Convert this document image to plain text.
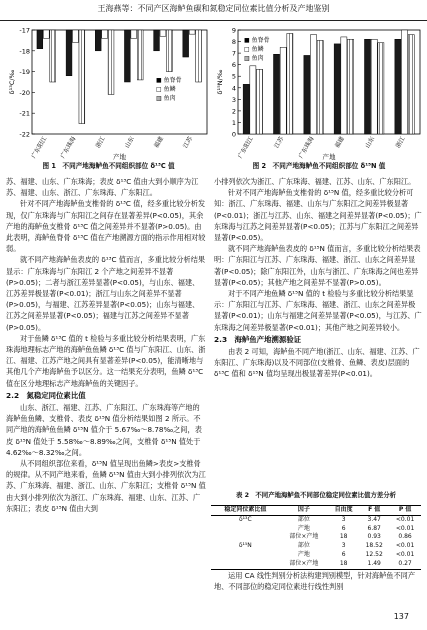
王海燕等：不同产区海鲈鱼碳和氮稳定同位素比值分析及产地鉴别
-17
-18
-19
-20
-21
-22
δ¹³C/‰
广东阳江 广东珠海	浙江	山东	福建	江苏
产地
■ 鱼脊骨
□ 鱼鳞
▥ 鱼肉
图 1　不同产地海鲈鱼不同组织部位 δ¹³C 值
0
1
2
3
4
5
6
7
8
9
δ¹⁵N/‰
广东阳江	江苏 广东珠海	福建	山东	浙江
产地
■ 鱼脊骨
□ 鱼鳞
▥ 鱼肉
图 2　不同产地海鲈鱼不同组织部位 δ¹⁵N 值

苏、福建、山东、广东珠海；表皮 δ¹³C 值由大到小顺序为江苏、福建、山东、浙江、广东珠海、广东阳江。

针对不同产地海鲈鱼支椎骨的 δ¹³C 值，经多重比较分析发现，仅广东珠海与广东阳江之间存在显著差异(P<0.05)，其余产地的海鲈鱼支椎骨 δ¹³C 值之间差异并不显著(P>0.05)。由此表明，海鲈鱼脊骨 δ¹³C 值在产地溯源方面的指示作用相对较弱。

就不同产地海鲈鱼表皮的 δ¹³C 值而言，多重比较分析结果显示：广东珠海与广东阳江 2 个产地之间差异不显著(P>0.05)；二者与浙江差异显著(P<0.05)，与山东、福建、江苏差异极显著(P<0.01)；浙江与山东之间差异不显著(P>0.05)，与福建、江苏差异显著(P<0.05)；山东与福建、江苏之间差异显著(P<0.05)；福建与江苏之间差异不显著(P>0.05)。

对于鱼鳞 δ¹³C 值的 t 检验与多重比较分析结果表明，广东珠海地理标志产地的海鲈鱼鱼鳞 δ¹³C 值与广东阳江、山东、浙江、福建、江苏产地之间具有显著差异(P<0.05)，能清晰地与其他几个产地海鲈鱼予以区分。这一结果充分表明，鱼鳞 δ¹³C 值在区分地理标志产地海鲈鱼的关键因子。

2.2　氮稳定同位素比值

山东、浙江、福建、江苏、广东阳江、广东珠海等产地的海鲈鱼鱼鳞、支椎骨、表皮 δ¹⁵N 值分析结果如图 2 所示。不同产地的海鲈鱼鱼鳞 δ¹⁵N 值介于 5.67‰～8.78‰之间，表皮 δ¹⁵N 值处于 5.58‰～8.89‰之间，支椎骨 δ¹⁵N 值处于 4.62‰～8.32‰之间。

从不同组织部位来看，δ¹⁵N 值呈现出鱼鳞>表皮>支椎骨的规律。从不同产地来看，鱼鳞 δ¹⁵N 值由大到小排列依次为江苏、广东珠海、福建、浙江、山东、广东阳江；支椎骨 δ¹⁵N 值由大到小排列依次为浙江、广东珠海、福建、山东、江苏、广东阳江；表皮 δ¹⁵N 值由大到

小排列依次为浙江、广东珠海、福建、江苏、山东、广东阳江。

针对不同产地海鲈鱼支椎骨的 δ¹⁵N 值，经多重比较分析可知：浙江、广东珠海、福建、山东与广东阳江之间差异极显著(P<0.01)；浙江与江苏、山东、福建之间差异显著(P<0.05)；广东珠海与江苏之间差异显著(P<0.05)；江苏与广东阳江之间差异显著(P<0.05)。

就不同产地海鲈鱼表皮的 δ¹⁵N 值而言，多重比较分析结果表明：广东阳江与江苏、广东珠海、福建、浙江、山东之间差异显著(P<0.05)；除广东阳江外，山东与浙江、广东珠海之间也差异显著(P<0.05)；其他产地之间差异不显著(P>0.05)。

对于不同产地鱼鳞 δ¹⁵N 值的 t 检验与多重比较分析结果显示：广东阳江与江苏、广东珠海、福建、浙江、山东之间差异极显著(P<0.01)；山东与福建之间差异显著(P<0.05)，与江苏、广东珠海之间差异极显著(P<0.01)；其他产地之间差异较小。

2.3　海鲈鱼产地溯源验证

由表 2 可知，海鲈鱼不同产地(浙江、山东、福建、江苏、广东阳江、广东珠海)以及不同部位(支椎骨、鱼鳞、表皮)层面的 δ¹³C 值和 δ¹⁵N 值均呈现出极显著差异(P<0.01)。

表 2　不同产地海鲈鱼不同部位稳定同位素比值方差分析
稳定同位素比值	因子	自由度	F 值	P 值
δ¹³C	部位	3	3.47	<0.01
	产地	6	6.87	<0.01
	部位×产地	18	0.93	0.86
δ¹⁵N	部位	3	18.52	<0.01
	产地	6	12.52	<0.01
	部位×产地	18	1.49	0.27

运用 CA 线性判别分析法构建判别模型，针对海鲈鱼不同产地、不同部位的稳定同位素进行线性判别

137
